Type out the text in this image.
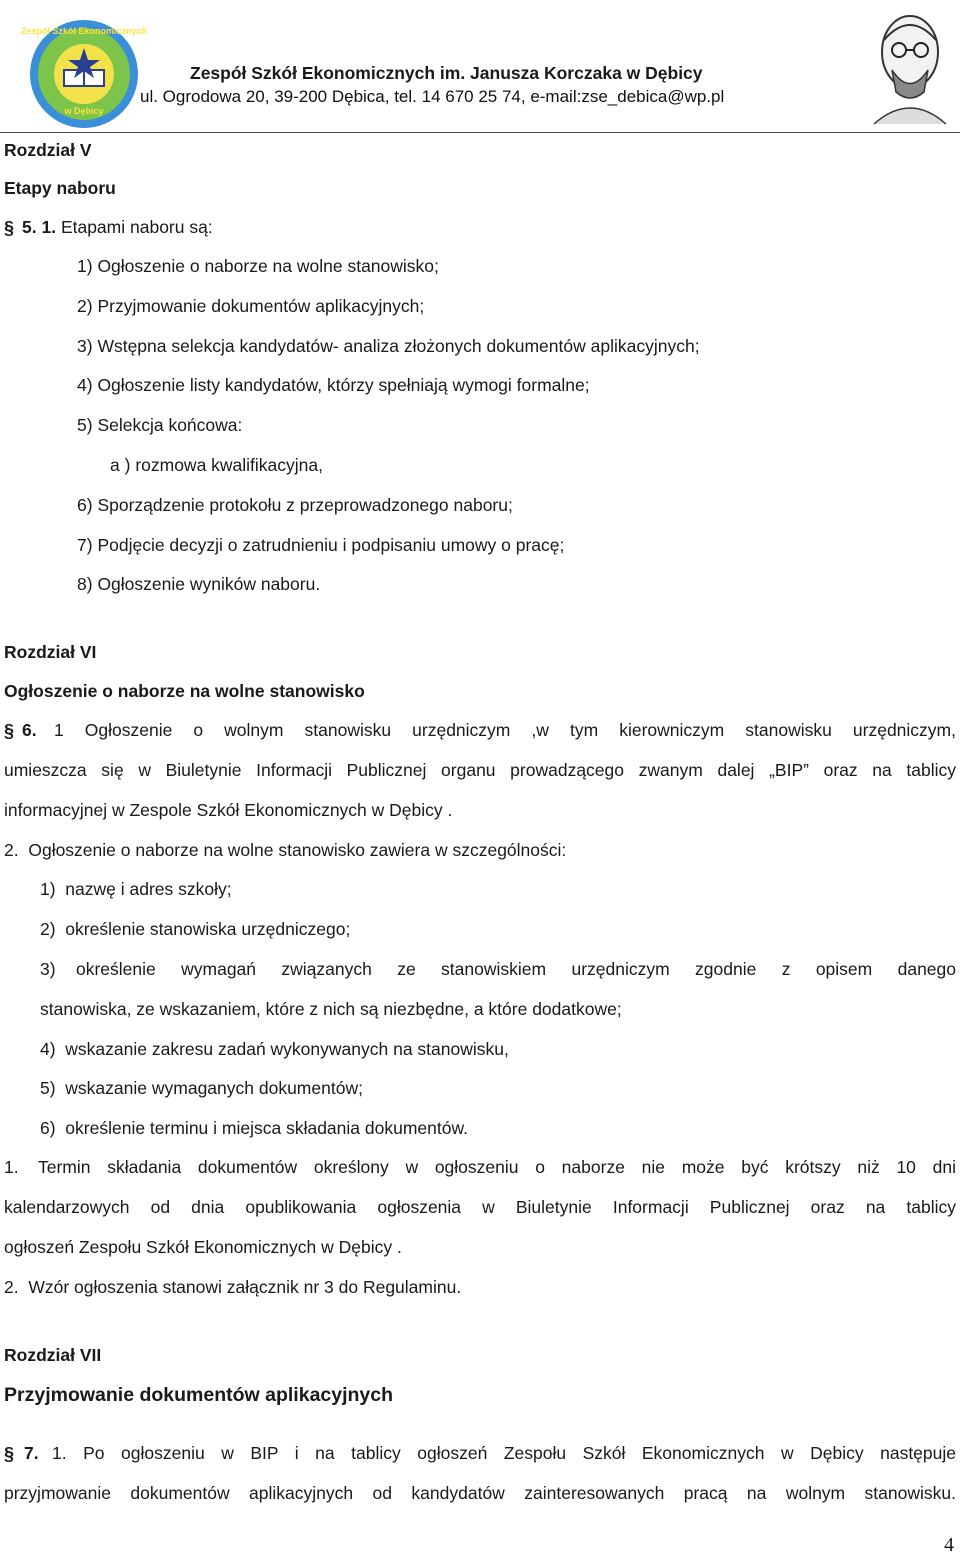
Zespół Szkół Ekonomicznych
w Dębicy
Zespół Szkół Ekonomicznych im. Janusza Korczaka w Dębicy
ul. Ogrodowa 20, 39-200 Dębica, tel. 14 670 25 74, e-mail:zse_debica@wp.pl
Rozdział V
Etapy naboru
§ 5. 1. Etapami naboru są:
1) Ogłoszenie o naborze na wolne stanowisko;
2) Przyjmowanie dokumentów aplikacyjnych;
3) Wstępna selekcja kandydatów- analiza złożonych dokumentów aplikacyjnych;
4) Ogłoszenie listy kandydatów, którzy spełniają wymogi formalne;
5) Selekcja końcowa:
a ) rozmowa kwalifikacyjna,
6) Sporządzenie protokołu z przeprowadzonego naboru;
7) Podjęcie decyzji o zatrudnieniu i podpisaniu umowy o pracę;
8) Ogłoszenie wyników naboru.
Rozdział VI
Ogłoszenie o naborze na wolne stanowisko
§ 6. 1 Ogłoszenie o wolnym stanowisku urzędniczym ,w tym kierowniczym stanowisku urzędniczym,
umieszcza się w Biuletynie Informacji Publicznej organu prowadzącego zwanym dalej „BIP” oraz na tablicy
informacyjnej w Zespole Szkół Ekonomicznych w Dębicy .
2. Ogłoszenie o naborze na wolne stanowisko zawiera w szczególności:
1) nazwę i adres szkoły;
2) określenie stanowiska urzędniczego;
3) określenie wymagań związanych ze stanowiskiem urzędniczym zgodnie z opisem danego
stanowiska, ze wskazaniem, które z nich są niezbędne, a które dodatkowe;
4) wskazanie zakresu zadań wykonywanych na stanowisku,
5) wskazanie wymaganych dokumentów;
6) określenie terminu i miejsca składania dokumentów.
1. Termin składania dokumentów określony w ogłoszeniu o naborze nie może być krótszy niż 10 dni
kalendarzowych od dnia opublikowania ogłoszenia w Biuletynie Informacji Publicznej oraz na tablicy
ogłoszeń Zespołu Szkół Ekonomicznych w Dębicy .
2. Wzór ogłoszenia stanowi załącznik nr 3 do Regulaminu.
Rozdział VII
Przyjmowanie dokumentów aplikacyjnych
§ 7. 1. Po ogłoszeniu w BIP i na tablicy ogłoszeń Zespołu Szkół Ekonomicznych w Dębicy następuje
przyjmowanie dokumentów aplikacyjnych od kandydatów zainteresowanych pracą na wolnym stanowisku.
4
